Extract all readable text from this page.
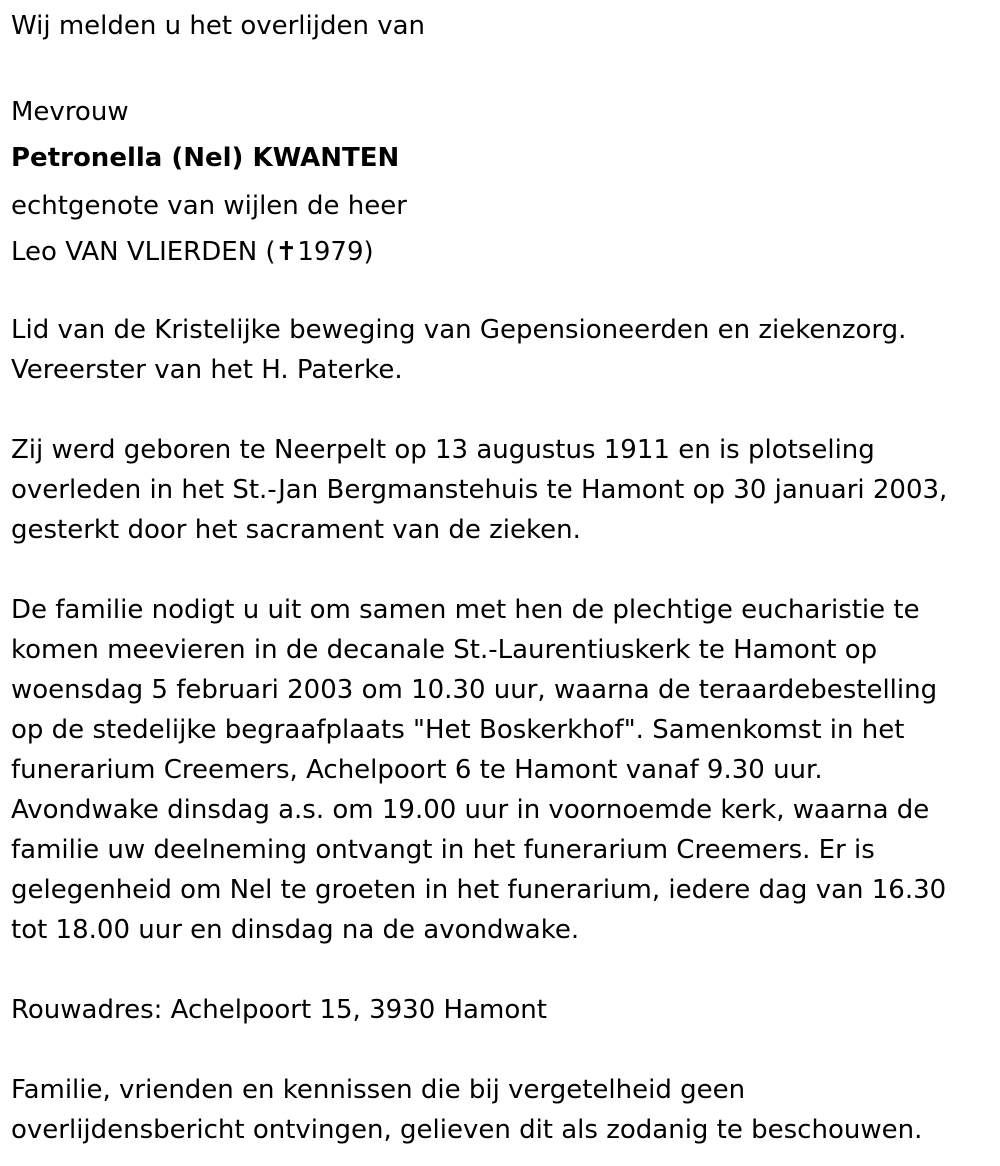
Wij melden u het overlijden van
Mevrouw
Petronella (Nel) KWANTEN
echtgenote van wijlen de heer
Leo VAN VLIERDEN (✝1979)
Lid van de Kristelijke beweging van Gepensioneerden en ziekenzorg.
Vereerster van het H. Paterke.
Zij werd geboren te Neerpelt op 13 augustus 1911 en is plotseling
overleden in het St.-Jan Bergmanstehuis te Hamont op 30 januari 2003,
gesterkt door het sacrament van de zieken.
De familie nodigt u uit om samen met hen de plechtige eucharistie te
komen meevieren in de decanale St.-Laurentiuskerk te Hamont op
woensdag 5 februari 2003 om 10.30 uur, waarna de teraardebestelling
op de stedelijke begraafplaats "Het Boskerkhof". Samenkomst in het
funerarium Creemers, Achelpoort 6 te Hamont vanaf 9.30 uur.
Avondwake dinsdag a.s. om 19.00 uur in voornoemde kerk, waarna de
familie uw deelneming ontvangt in het funerarium Creemers. Er is
gelegenheid om Nel te groeten in het funerarium, iedere dag van 16.30
tot 18.00 uur en dinsdag na de avondwake.
Rouwadres: Achelpoort 15, 3930 Hamont
Familie, vrienden en kennissen die bij vergetelheid geen
overlijdensbericht ontvingen, gelieven dit als zodanig te beschouwen.
